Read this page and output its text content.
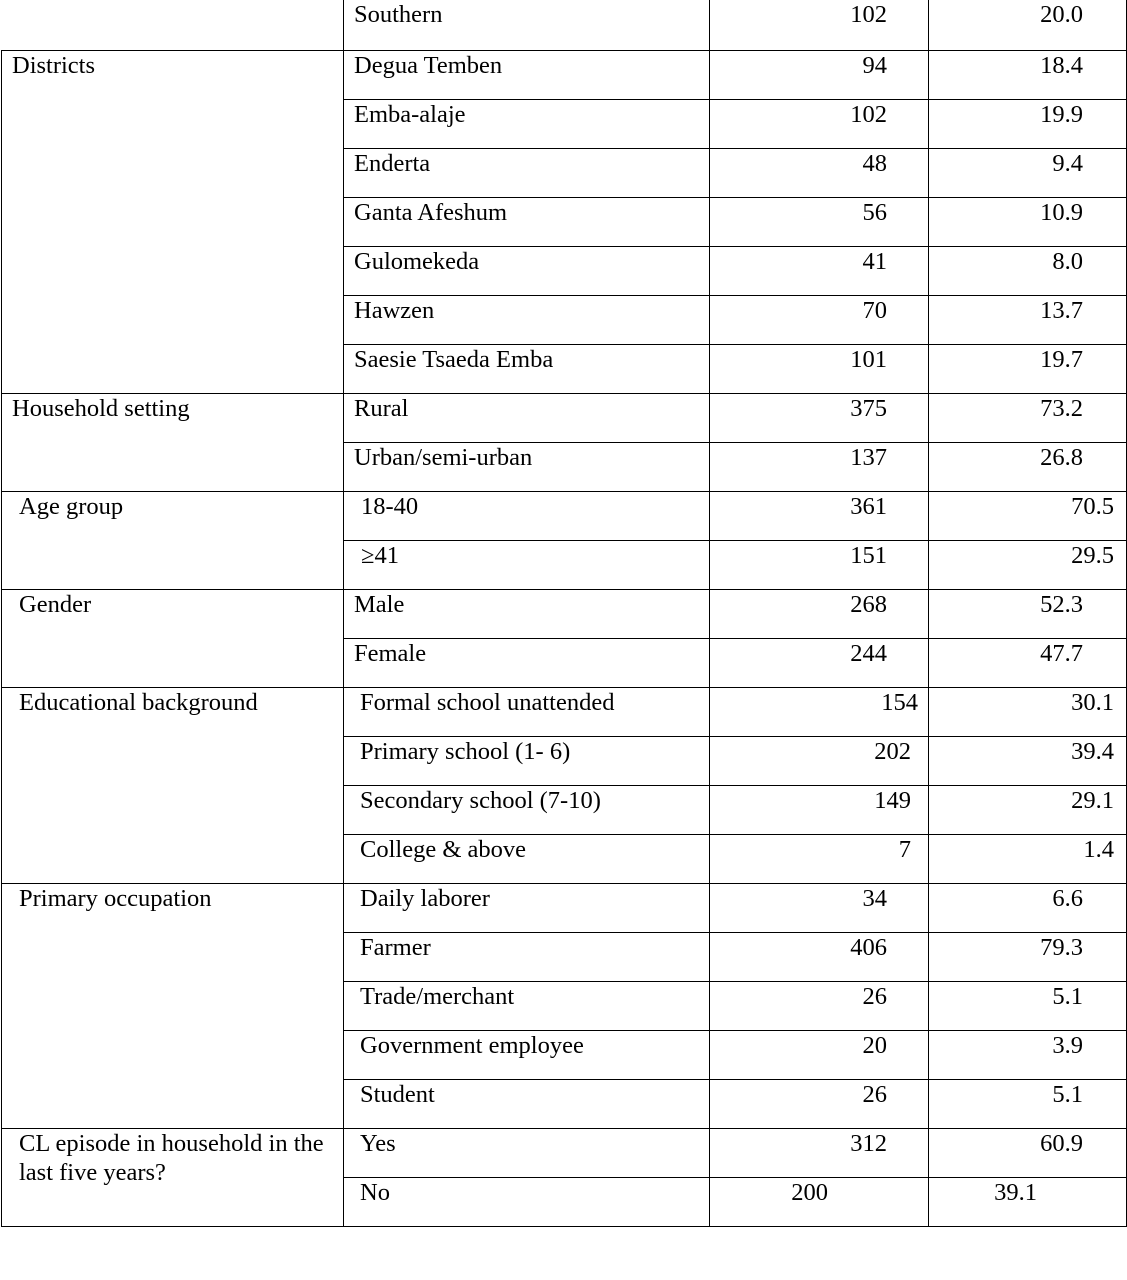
	Southern	102	20.0
Districts	Degua Temben	94	18.4
	Emba-alaje	102	19.9
	Enderta	48	9.4
	Ganta Afeshum	56	10.9
	Gulomekeda	41	8.0
	Hawzen	70	13.7
	Saesie Tsaeda Emba	101	19.7
Household setting	Rural	375	73.2
	Urban/semi-urban	137	26.8
Age group	18-40	361	70.5
	≥41	151	29.5
Gender	Male	268	52.3
	Female	244	47.7
Educational background	Formal school unattended	154	30.1
	Primary school (1- 6)	202	39.4
	Secondary school (7-10)	149	29.1
	College & above	7	1.4
Primary occupation	Daily laborer	34	6.6
	Farmer	406	79.3
	Trade/merchant	26	5.1
	Government employee	20	3.9
	Student	26	5.1
CL episode in household in the last five years?	Yes	312	60.9
	No	200	39.1
